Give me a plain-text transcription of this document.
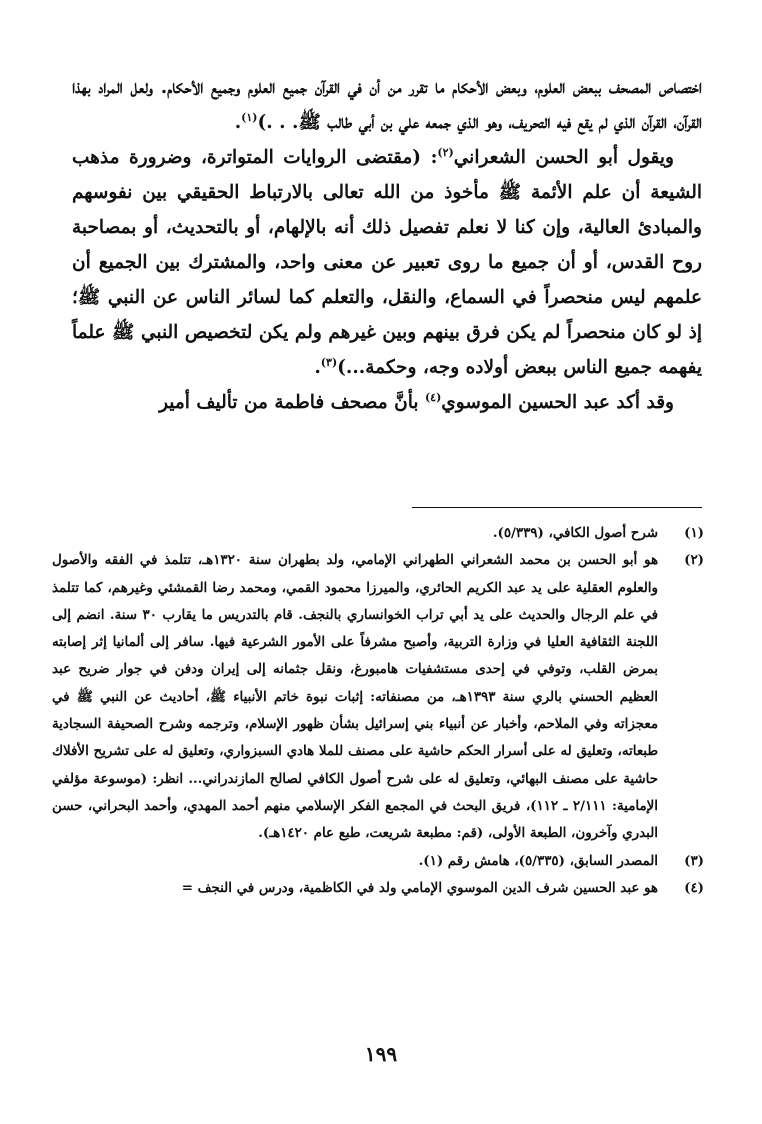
اختصاص المصحف ببعض العلوم، وبعض الأحكام ما تقرر من أن في القرآن جميع العلوم وجميع الأحكام. ولعل المراد بهذا القرآن، القرآن الذي لم يقع فيه التحريف، وهو الذي جمعه علي بن أبي طالب ﷺ. . .)$^{(١)}$.

ويقول أبو الحسن الشعراني$^{(٢)}$: (مقتضى الروايات المتواترة، وضرورة مذهب الشيعة أن علم الأئمة ﷺ مأخوذ من الله تعالى بالارتباط الحقيقي بين نفوسهم والمبادئ العالية، وإن كنا لا نعلم تفصيل ذلك أنه بالإلهام، أو بالتحديث، أو بمصاحبة روح القدس، أو أن جميع ما روى تعبير عن معنى واحد، والمشترك بين الجميع أن علمهم ليس منحصراً في السماع، والنقل، والتعلم كما لسائر الناس عن النبي ﷺ؛ إذ لو كان منحصراً لم يكن فرق بينهم وبين غيرهم ولم يكن لتخصيص النبي ﷺ علماً يفهمه جميع الناس ببعض أولاده وجه، وحكمة...)$^{(٣)}$.

وقد أكد عبد الحسين الموسوي$^{(٤)}$ بأنَّ مصحف فاطمة من تأليف أمير

(١)
شرح أصول الكافي، (٥/٣٣٩).
(٢)
هو أبو الحسن بن محمد الشعراني الطهراني الإمامي، ولد بطهران سنة ١٣٢٠هـ، تتلمذ في الفقه والأصول والعلوم العقلية على يد عبد الكريم الحائري، والميرزا محمود القمي، ومحمد رضا القمشئي وغيرهم، كما تتلمذ في علم الرجال والحديث على يد أبي تراب الخوانساري بالنجف. قام بالتدريس ما يقارب ٣٠ سنة. انضم إلى اللجنة الثقافية العليا في وزارة التربية، وأصبح مشرفاً على الأمور الشرعية فيها. سافر إلى ألمانيا إثر إصابته بمرض القلب، وتوفي في إحدى مستشفيات هامبورغ، ونقل جثمانه إلى إيران ودفن في جوار ضريح عبد العظيم الحسني بالري سنة ١٣٩٣هـ، من مصنفاته: إثبات نبوة خاتم الأنبياء ﷺ، أحاديث عن النبي ﷺ في معجزاته وفي الملاحم، وأخبار عن أنبياء بني إسرائيل بشأن ظهور الإسلام، وترجمه وشرح الصحيفة السجادية طبعاته، وتعليق له على أسرار الحكم حاشية على مصنف للملا هادي السبزواري، وتعليق له على تشريح الأفلاك حاشية على مصنف البهائي، وتعليق له على شرح أصول الكافي لصالح المازندراني... انظر: (موسوعة مؤلفي الإمامية: ٢/١١١ ـ ١١٢)، فريق البحث في المجمع الفكر الإسلامي منهم أحمد المهدي، وأحمد البحراني، حسن البدري وآخرون، الطبعة الأولى، (قم: مطبعة شريعت، طبع عام ١٤٢٠هـ).
(٣)
المصدر السابق، (٥/٣٣٥)، هامش رقم (١).
(٤)
هو عبد الحسين شرف الدين الموسوي الإمامي ولد في الكاظمية، ودرس في النجف =
١٩٩
